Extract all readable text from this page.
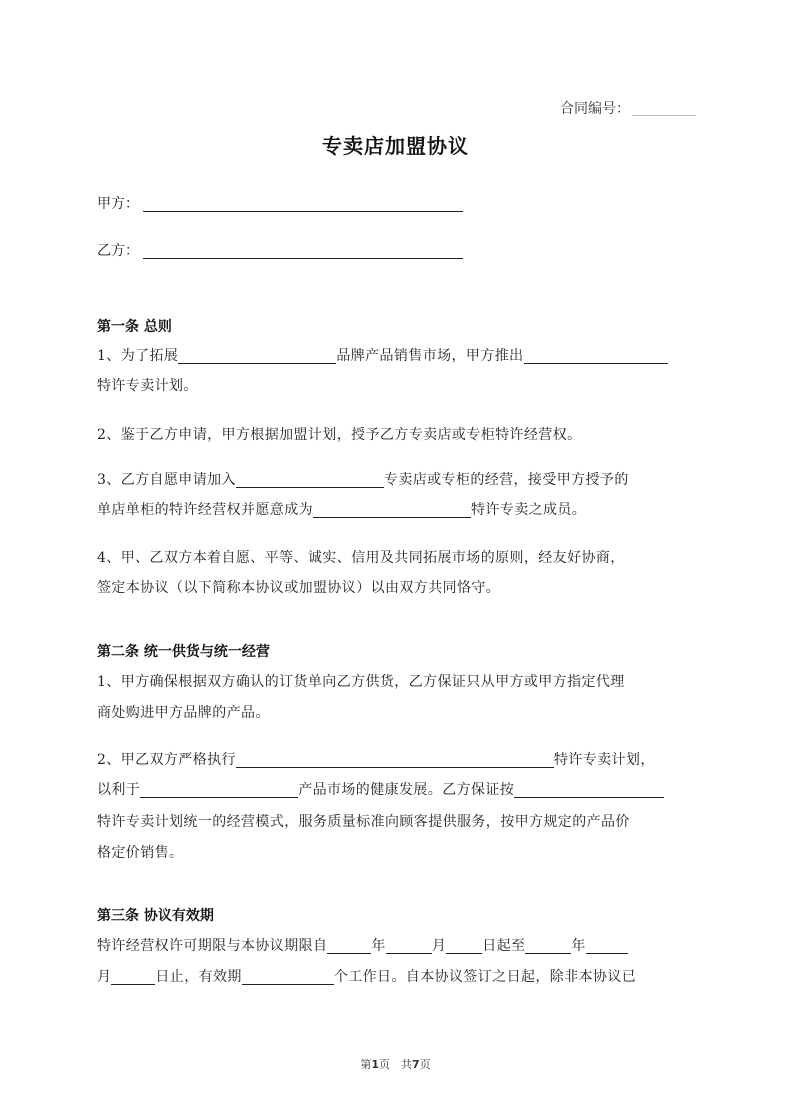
合同编号：
专卖店加盟协议
甲方：
乙方：
第一条 总则
1、为了拓展	品牌产品销售市场，甲方推出
特许专卖计划。
2、鉴于乙方申请，甲方根据加盟计划，授予乙方专卖店或专柜特许经营权。
3、乙方自愿申请加入	专卖店或专柜的经营，接受甲方授予的
单店单柜的特许经营权并愿意成为	特许专卖之成员。
4、甲、乙双方本着自愿、平等、诚实、信用及共同拓展市场的原则，经友好协商，
签定本协议（以下简称本协议或加盟协议）以由双方共同恪守。
第二条 统一供货与统一经营
1、甲方确保根据双方确认的订货单向乙方供货，乙方保证只从甲方或甲方指定代理
商处购进甲方品牌的产品。
2、甲乙双方严格执行	特许专卖计划，
以利于	产品市场的健康发展。乙方保证按
特许专卖计划统一的经营模式，服务质量标准向顾客提供服务，按甲方规定的产品价
格定价销售。
第三条 协议有效期
特许经营权许可期限与本协议期限自	年	月	日起至	年
月	日止，有效期	个工作日。自本协议签订之日起，除非本协议已
第1页　共7页
